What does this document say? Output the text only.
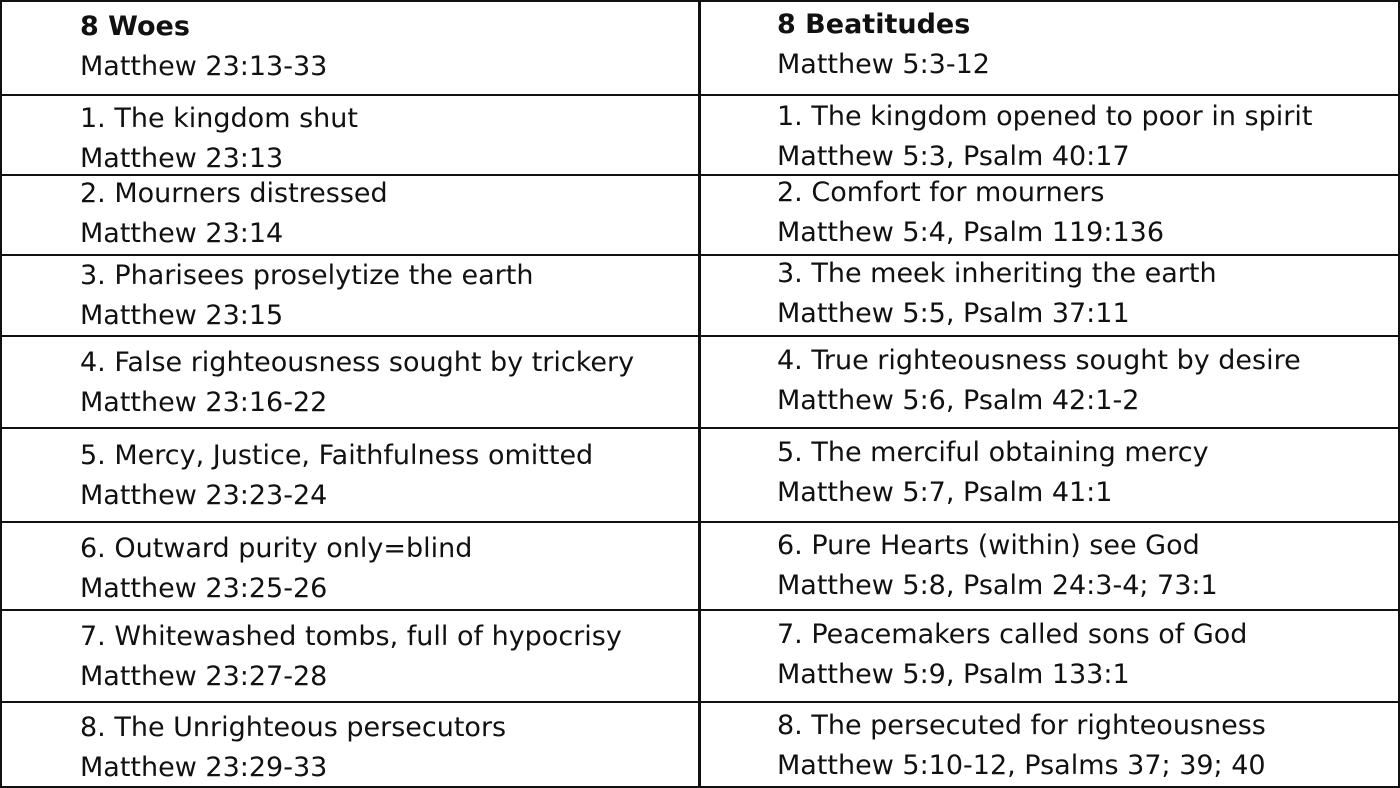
8 Woes
Matthew 23:13-33
8 Beatitudes
Matthew 5:3-12
1. The kingdom shut
Matthew 23:13
1. The kingdom opened to poor in spirit
Matthew 5:3, Psalm 40:17
2. Mourners distressed
Matthew 23:14
2. Comfort for mourners
Matthew 5:4, Psalm 119:136
3. Pharisees proselytize the earth
Matthew 23:15
3. The meek inheriting the earth
Matthew 5:5, Psalm 37:11
4. False righteousness sought by trickery
Matthew 23:16-22
4. True righteousness sought by desire
Matthew 5:6, Psalm 42:1-2
5. Mercy, Justice, Faithfulness omitted
Matthew 23:23-24
5. The merciful obtaining mercy
Matthew 5:7, Psalm 41:1
6. Outward purity only=blind
Matthew 23:25-26
6. Pure Hearts (within) see God
Matthew 5:8, Psalm 24:3-4; 73:1
7. Whitewashed tombs, full of hypocrisy
Matthew 23:27-28
7. Peacemakers called sons of God
Matthew 5:9, Psalm 133:1
8. The Unrighteous persecutors
Matthew 23:29-33
8. The persecuted for righteousness
Matthew 5:10-12, Psalms 37; 39; 40
